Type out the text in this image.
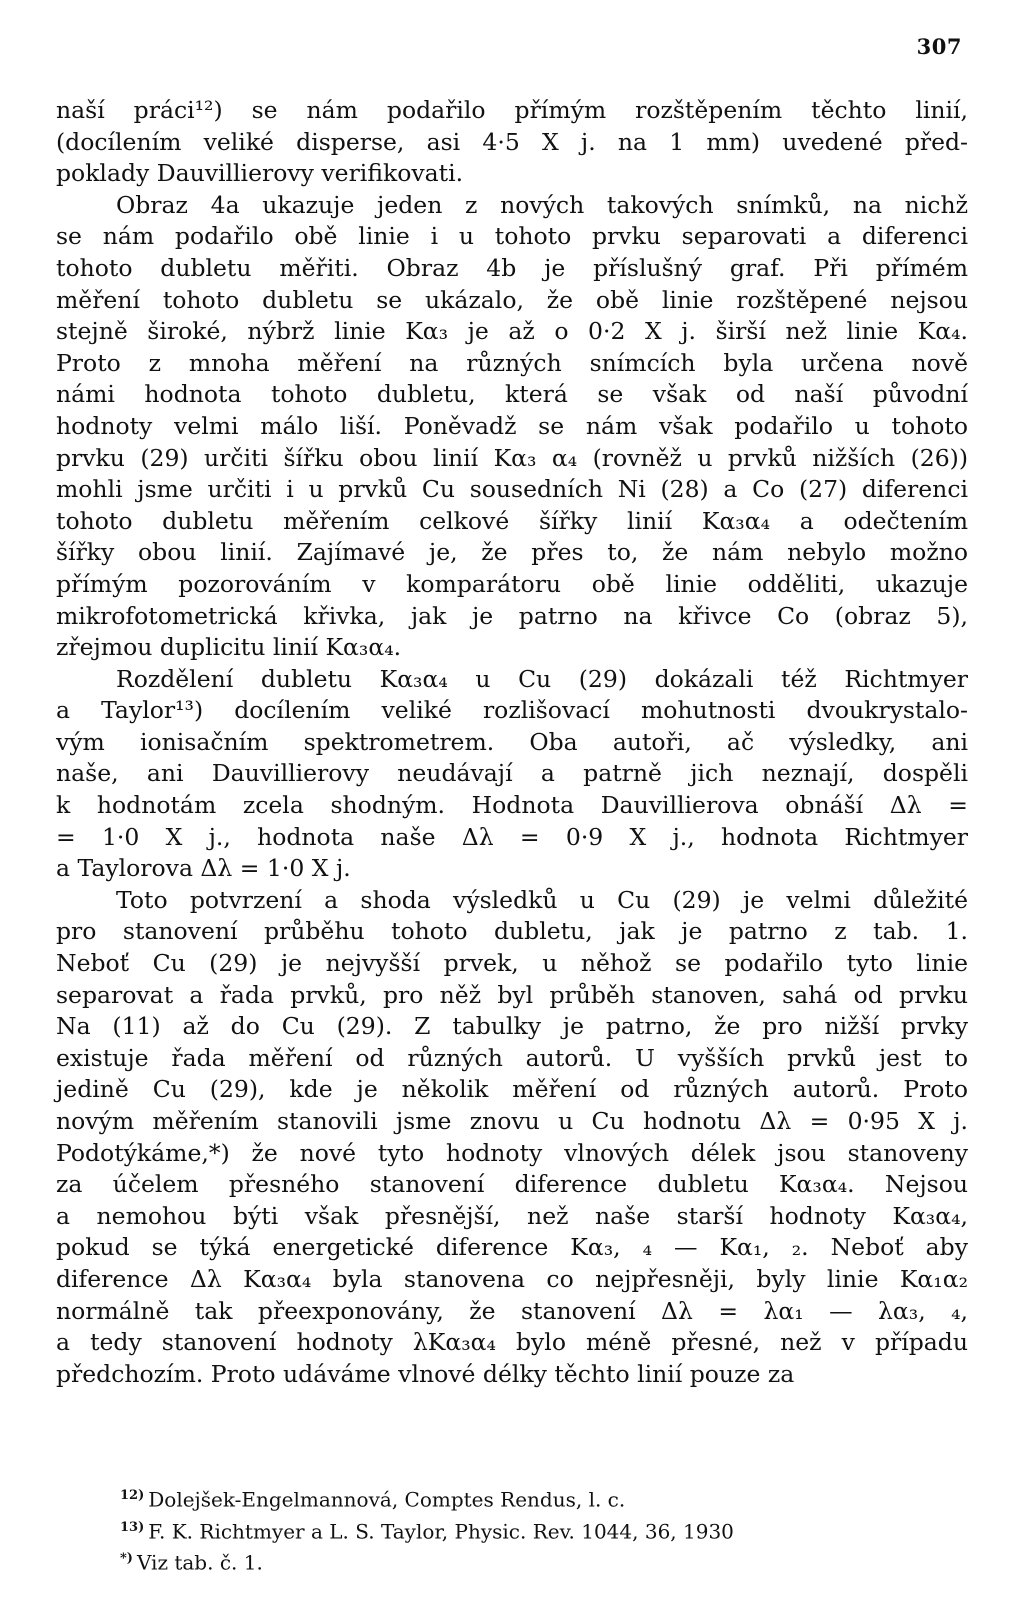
307
naší práci¹²) se nám podařilo přímým rozštěpením těchto linií,
(docílením veliké disperse, asi 4·5 X j. na 1 mm) uvedené před-
poklady Dauvillierovy verifikovati.
Obraz 4a ukazuje jeden z nových takových snímků, na nichž
se nám podařilo obě linie i u tohoto prvku separovati a diferenci
tohoto dubletu měřiti. Obraz 4b je příslušný graf. Při přímém
měření tohoto dubletu se ukázalo, že obě linie rozštěpené nejsou
stejně široké, nýbrž linie Kα₃ je až o 0·2 X j. širší než linie Kα₄.
Proto z mnoha měření na různých snímcích byla určena nově
námi hodnota tohoto dubletu, která se však od naší původní
hodnoty velmi málo liší. Poněvadž se nám však podařilo u tohoto
prvku (29) určiti šířku obou linií Kα₃ α₄ (rovněž u prvků nižších (26))
mohli jsme určiti i u prvků Cu sousedních Ni (28) a Co (27) diferenci
tohoto dubletu měřením celkové šířky linií Kα₃α₄ a odečtením
šířky obou linií. Zajímavé je, že přes to, že nám nebylo možno
přímým pozorováním v komparátoru obě linie odděliti, ukazuje
mikrofotometrická křivka, jak je patrno na křivce Co (obraz 5),
zřejmou duplicitu linií Kα₃α₄.
Rozdělení dubletu Kα₃α₄ u Cu (29) dokázali též Richtmyer
a Taylor¹³) docílením veliké rozlišovací mohutnosti dvoukrystalo-
vým ionisačním spektrometrem. Oba autoři, ač výsledky, ani
naše, ani Dauvillierovy neudávají a patrně jich neznají, dospěli
k hodnotám zcela shodným. Hodnota Dauvillierova obnáší Δλ =
= 1·0 X j., hodnota naše Δλ = 0·9 X j., hodnota Richtmyer
a Taylorova Δλ = 1·0 X j.
Toto potvrzení a shoda výsledků u Cu (29) je velmi důležité
pro stanovení průběhu tohoto dubletu, jak je patrno z tab. 1.
Neboť Cu (29) je nejvyšší prvek, u něhož se podařilo tyto linie
separovat a řada prvků, pro něž byl průběh stanoven, sahá od prvku
Na (11) až do Cu (29). Z tabulky je patrno, že pro nižší prvky
existuje řada měření od různých autorů. U vyšších prvků jest to
jedině Cu (29), kde je několik měření od různých autorů. Proto
novým měřením stanovili jsme znovu u Cu hodnotu Δλ = 0·95 X j.
Podotýkáme,*) že nové tyto hodnoty vlnových délek jsou stanoveny
za účelem přesného stanovení diference dubletu Kα₃α₄. Nejsou
a nemohou býti však přesnější, než naše starší hodnoty Kα₃α₄,
pokud se týká energetické diference Kα₃, ₄ — Kα₁, ₂. Neboť aby
diference Δλ Kα₃α₄ byla stanovena co nejpřesněji, byly linie Kα₁α₂
normálně tak přeexponovány, že stanovení Δλ = λα₁ — λα₃, ₄,
a tedy stanovení hodnoty λKα₃α₄ bylo méně přesné, než v případu
předchozím. Proto udáváme vlnové délky těchto linií pouze za
$^{12)}$ Dolejšek-Engelmannová, Comptes Rendus, l. c.
$^{13)}$ F. K. Richtmyer a L. S. Taylor, Physic. Rev. 1044, 36, 1930
*) Viz tab. č. 1.
